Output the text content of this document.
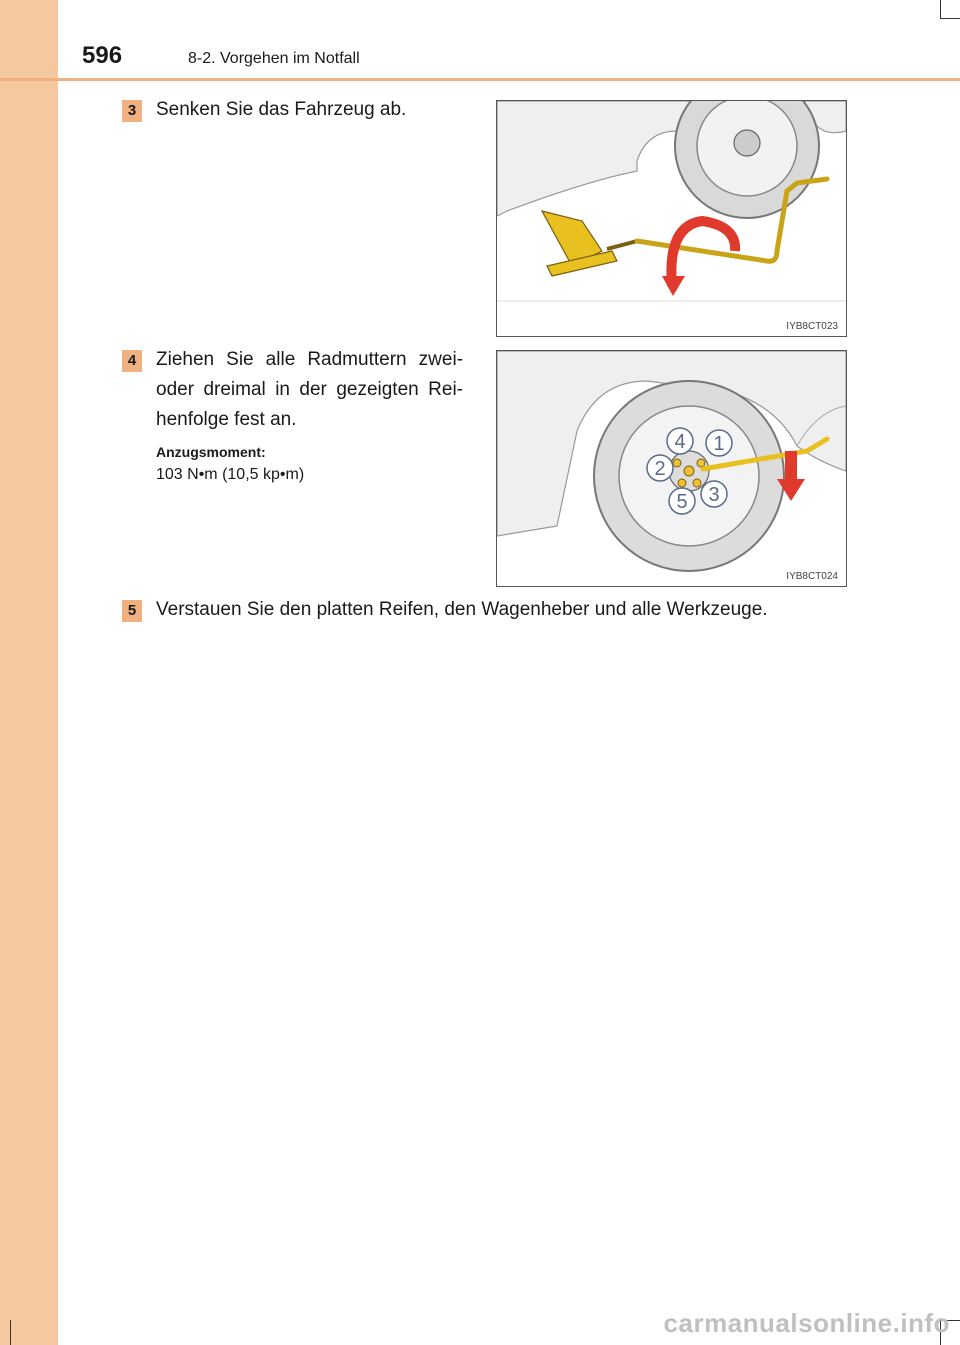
596	8-2. Vorgehen im Notfall
3	Senken Sie das Fahrzeug ab.
IYB8CT023
4	Ziehen Sie alle Radmuttern zwei- oder dreimal in der gezeigten Rei- henfolge fest an.
Anzugsmoment:
103 N•m (10,5 kp•m)
1
2
3
4
5
IYB8CT024
5	Verstauen Sie den platten Reifen, den Wagenheber und alle Werkzeuge.
carmanualsonline.info
